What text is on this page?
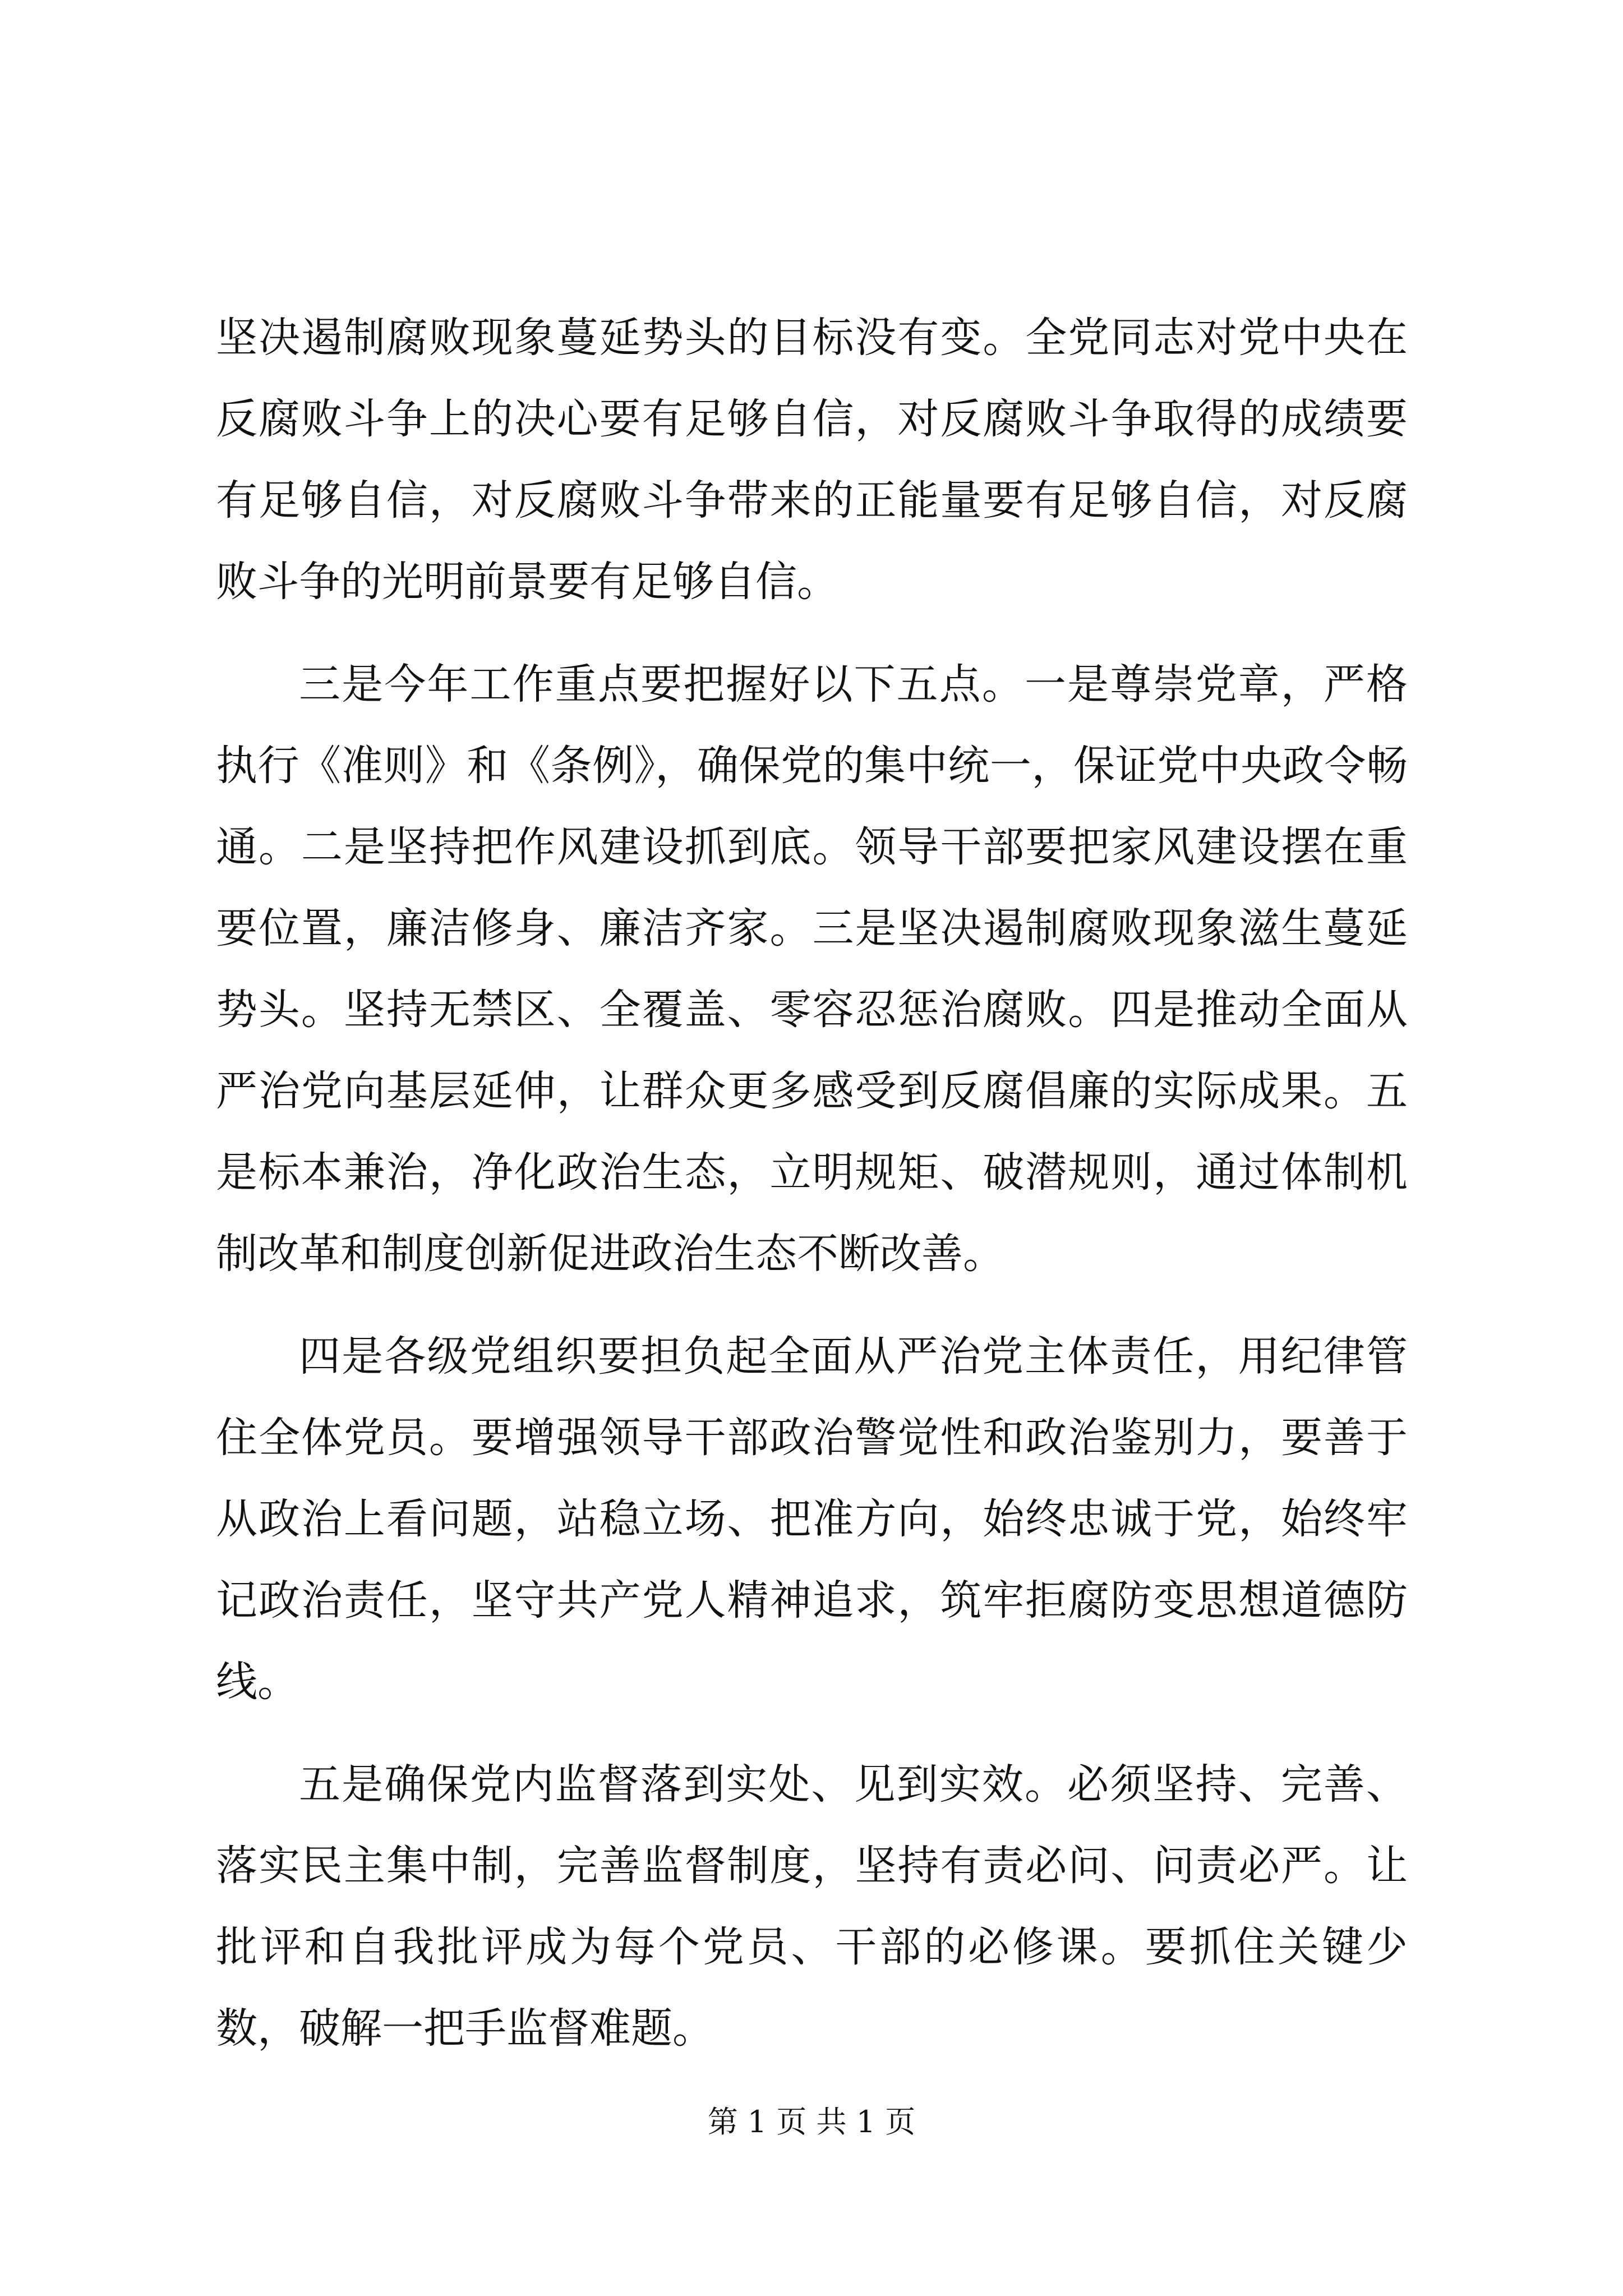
坚决遏制腐败现象蔓延势头的目标没有变。全党同志对党中央在反腐败斗争上的决心要有足够自信，对反腐败斗争取得的成绩要有足够自信，对反腐败斗争带来的正能量要有足够自信，对反腐败斗争的光明前景要有足够自信。

三是今年工作重点要把握好以下五点。一是尊崇党章，严格执行《准则》和《条例》，确保党的集中统一，保证党中央政令畅通。二是坚持把作风建设抓到底。领导干部要把家风建设摆在重要位置，廉洁修身、廉洁齐家。三是坚决遏制腐败现象滋生蔓延势头。坚持无禁区、全覆盖、零容忍惩治腐败。四是推动全面从严治党向基层延伸，让群众更多感受到反腐倡廉的实际成果。五是标本兼治，净化政治生态，立明规矩、破潜规则，通过体制机制改革和制度创新促进政治生态不断改善。

四是各级党组织要担负起全面从严治党主体责任，用纪律管住全体党员。要增强领导干部政治警觉性和政治鉴别力，要善于从政治上看问题，站稳立场、把准方向，始终忠诚于党，始终牢记政治责任，坚守共产党人精神追求，筑牢拒腐防变思想道德防线。

五是确保党内监督落到实处、见到实效。必须坚持、完善、落实民主集中制，完善监督制度，坚持有责必问、问责必严。让批评和自我批评成为每个党员、干部的必修课。要抓住关键少数，破解一把手监督难题。

第 1 页 共 1 页
